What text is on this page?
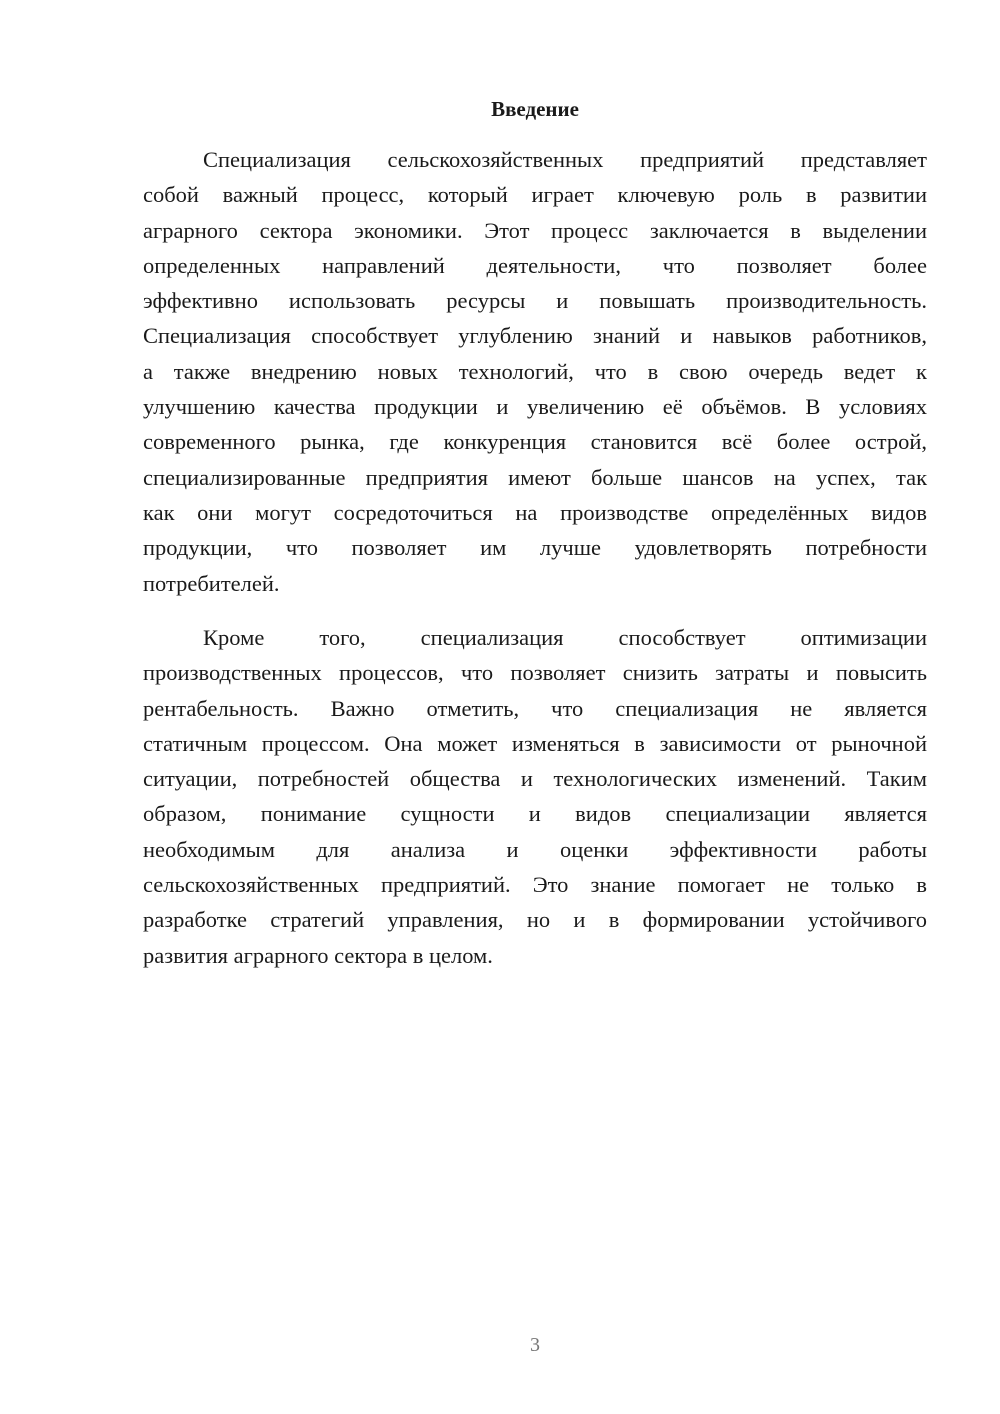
Введение
Специализация сельскохозяйственных предприятий представляет
собой важный процесс, который играет ключевую роль в развитии
аграрного сектора экономики. Этот процесс заключается в выделении
определенных направлений деятельности, что позволяет более
эффективно использовать ресурсы и повышать производительность.
Специализация способствует углублению знаний и навыков работников,
а также внедрению новых технологий, что в свою очередь ведет к
улучшению качества продукции и увеличению её объёмов. В условиях
современного рынка, где конкуренция становится всё более острой,
специализированные предприятия имеют больше шансов на успех, так
как они могут сосредоточиться на производстве определённых видов
продукции, что позволяет им лучше удовлетворять потребности
потребителей.
Кроме того, специализация способствует оптимизации
производственных процессов, что позволяет снизить затраты и повысить
рентабельность. Важно отметить, что специализация не является
статичным процессом. Она может изменяться в зависимости от рыночной
ситуации, потребностей общества и технологических изменений. Таким
образом, понимание сущности и видов специализации является
необходимым для анализа и оценки эффективности работы
сельскохозяйственных предприятий. Это знание помогает не только в
разработке стратегий управления, но и в формировании устойчивого
развития аграрного сектора в целом.
3
